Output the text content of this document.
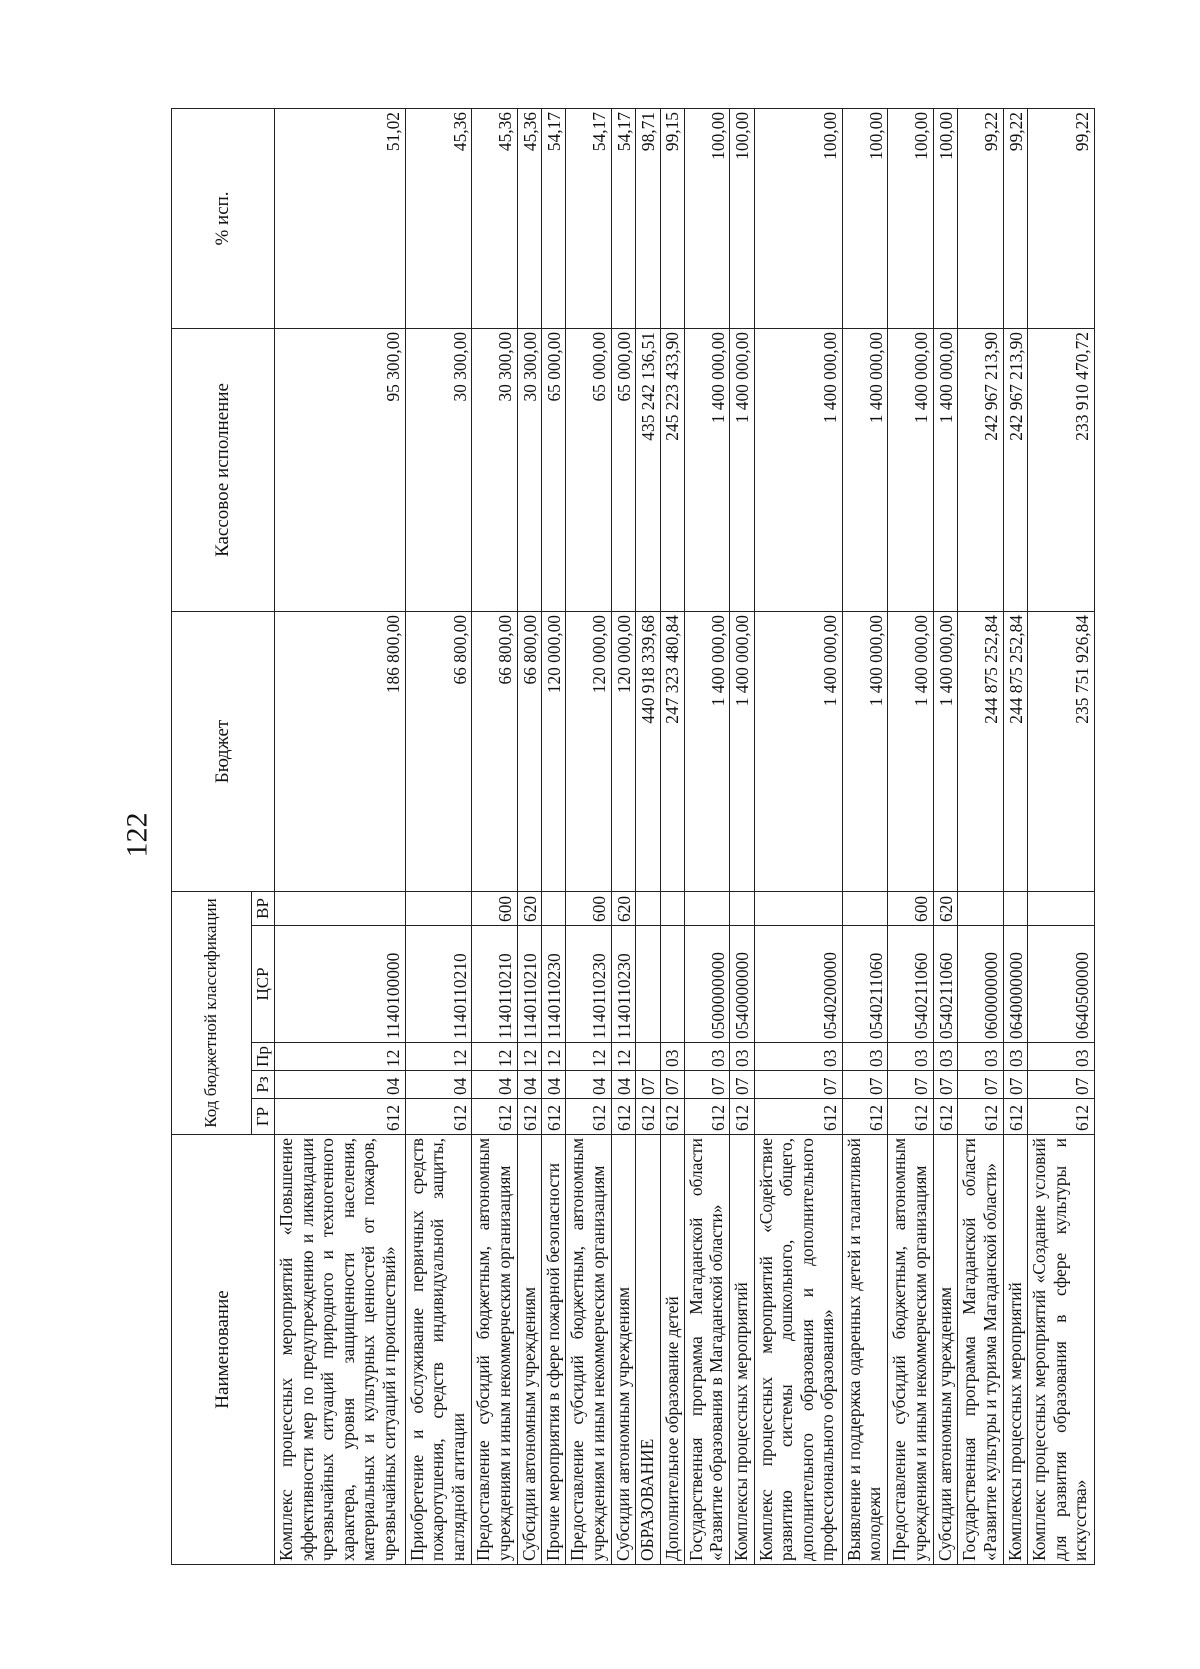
122
Наименование	Код бюджетной классификации					Бюджет	Кассовое исполнение	% исп.
	ГР	Рз	Пр	ЦСР	ВР			
Комплекс процессных мероприятий «Повышение эффективности мер по предупреждению и ликвидации чрезвычайных ситуаций природного и техногенного характера, уровня защищенности населения, материальных и культурных ценностей от пожаров, чрезвычайных ситуаций и происшествий»	612	04	12	1140100000		186 800,00	95 300,00	51,02
Приобретение и обслуживание первичных средств пожаротушения, средств индивидуальной защиты, наглядной агитации	612	04	12	1140110210		66 800,00	30 300,00	45,36
Предоставление субсидий бюджетным, автономным учреждениям и иным некоммерческим организациям	612	04	12	1140110210	600	66 800,00	30 300,00	45,36
Субсидии автономным учреждениям	612	04	12	1140110210	620	66 800,00	30 300,00	45,36
Прочие мероприятия в сфере пожарной безопасности	612	04	12	1140110230		120 000,00	65 000,00	54,17
Предоставление субсидий бюджетным, автономным учреждениям и иным некоммерческим организациям	612	04	12	1140110230	600	120 000,00	65 000,00	54,17
Субсидии автономным учреждениям	612	04	12	1140110230	620	120 000,00	65 000,00	54,17
ОБРАЗОВАНИЕ	612	07				440 918 339,68	435 242 136,51	98,71
Дополнительное образование детей	612	07	03			247 323 480,84	245 223 433,90	99,15
Государственная программа Магаданской области «Развитие образования в Магаданской области»	612	07	03	0500000000		1 400 000,00	1 400 000,00	100,00
Комплексы процессных мероприятий	612	07	03	0540000000		1 400 000,00	1 400 000,00	100,00
Комплекс процессных мероприятий «Содействие развитию системы дошкольного, общего, дополнительного образования и дополнительного профессионального образования»	612	07	03	0540200000		1 400 000,00	1 400 000,00	100,00
Выявление и поддержка одаренных детей и талантливой молодежи	612	07	03	0540211060		1 400 000,00	1 400 000,00	100,00
Предоставление субсидий бюджетным, автономным учреждениям и иным некоммерческим организациям	612	07	03	0540211060	600	1 400 000,00	1 400 000,00	100,00
Субсидии автономным учреждениям	612	07	03	0540211060	620	1 400 000,00	1 400 000,00	100,00
Государственная программа Магаданской области «Развитие культуры и туризма Магаданской области»	612	07	03	0600000000		244 875 252,84	242 967 213,90	99,22
Комплексы процессных мероприятий	612	07	03	0640000000		244 875 252,84	242 967 213,90	99,22
Комплекс процессных мероприятий «Создание условий для развития образования в сфере культуры и искусства»	612	07	03	0640500000		235 751 926,84	233 910 470,72	99,22
